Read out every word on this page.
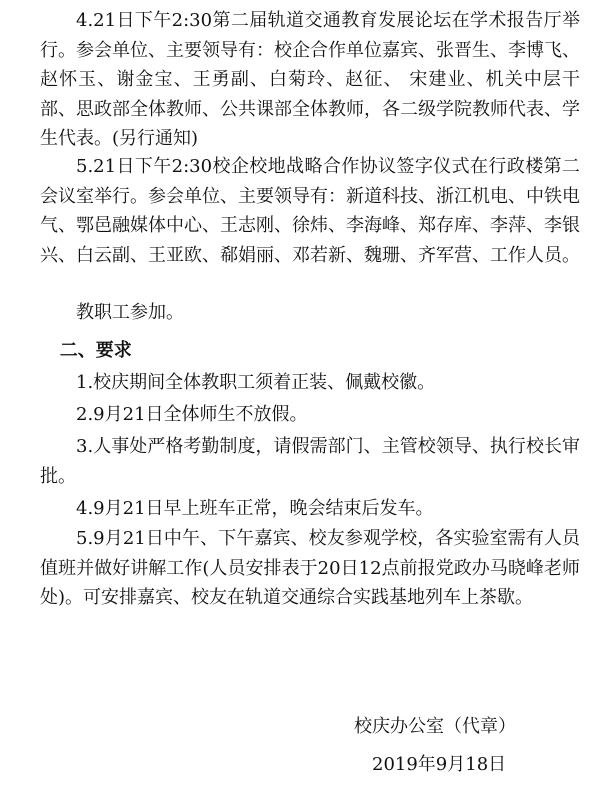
4.21日下午2:30第二届轨道交通教育发展论坛在学术报告厅举行。参会单位、主要领导有：校企合作单位嘉宾、张晋生、李博飞、赵怀玉、谢金宝、王勇副、白菊玲、赵征、 宋建业、机关中层干部、思政部全体教师、公共课部全体教师，各二级学院教师代表、学生代表。(另行通知)

5.21日下午2:30校企校地战略合作协议签字仪式在行政楼第二会议室举行。参会单位、主要领导有：新道科技、浙江机电、中铁电气、鄂邑融媒体中心、王志刚、徐炜、李海峰、郑存库、李萍、李银兴、白云副、王亚欧、郗娟丽、邓若新、魏珊、齐军营、工作人员。

教职工参加。

二、要求

1.校庆期间全体教职工须着正装、佩戴校徽。

2.9月21日全体师生不放假。

3.人事处严格考勤制度，请假需部门、主管校领导、执行校长审批。

4.9月21日早上班车正常，晚会结束后发车。

5.9月21日中午、下午嘉宾、校友参观学校，各实验室需有人员值班并做好讲解工作(人员安排表于20日12点前报党政办马晓峰老师处)。可安排嘉宾、校友在轨道交通综合实践基地列车上茶歇。

校庆办公室（代章）

2019年9月18日
